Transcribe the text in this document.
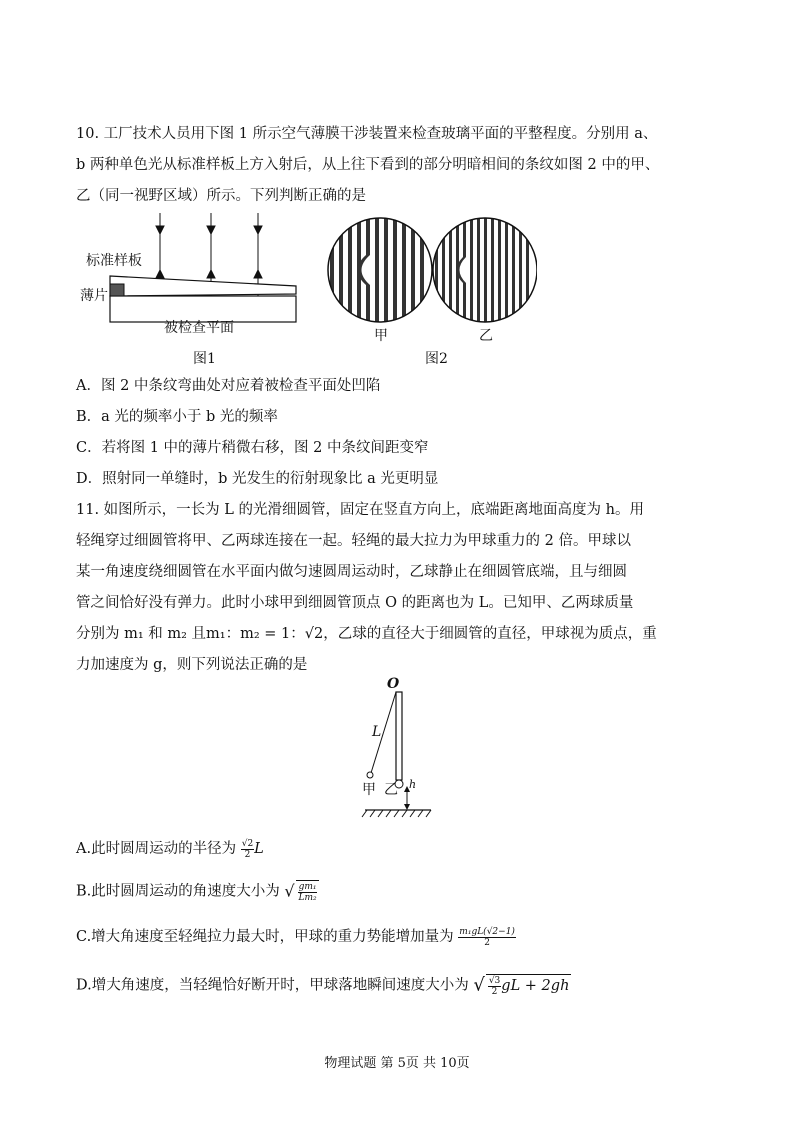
10. 工厂技术人员用下图 1 所示空气薄膜干涉装置来检查玻璃平面的平整程度。分别用 a、
b 两种单色光从标准样板上方入射后，从上往下看到的部分明暗相间的条纹如图 2 中的甲、
乙（同一视野区域）所示。下列判断正确的是
标准样板
薄片
被检查平面
图1
甲	乙
图2
A．图 2 中条纹弯曲处对应着被检查平面处凹陷
B．a 光的频率小于 b 光的频率
C．若将图 1 中的薄片稍微右移，图 2 中条纹间距变窄
D．照射同一单缝时，b 光发生的衍射现象比 a 光更明显
11. 如图所示，一长为 L 的光滑细圆管，固定在竖直方向上，底端距离地面高度为 h。用
轻绳穿过细圆管将甲、乙两球连接在一起。轻绳的最大拉力为甲球重力的 2 倍。甲球以
某一角速度绕细圆管在水平面内做匀速圆周运动时，乙球静止在细圆管底端，且与细圆
管之间恰好没有弹力。此时小球甲到细圆管顶点 O 的距离也为 L。已知甲、乙两球质量
分别为 m₁ 和 m₂ 且m₁：m₂ = 1：√2，乙球的直径大于细圆管的直径，甲球视为质点，重
力加速度为 g，则下列说法正确的是
O
L
甲 乙 h
A.此时圆周运动的半径为 $\frac{√2}{2}$ L
B.此时圆周运动的角速度大小为 √ $\frac{\text{gm₁}}{\text{Lm₂}}$
C.增大角速度至轻绳拉力最大时，甲球的重力势能增加量为 $\frac{\text{m₁gL(√2−1)}}{2}$
D.增大角速度，当轻绳恰好断开时，甲球落地瞬间速度大小为 √ $\frac{√3}{2}$ gL + 2gh
物理试题 第 5页 共 10页
